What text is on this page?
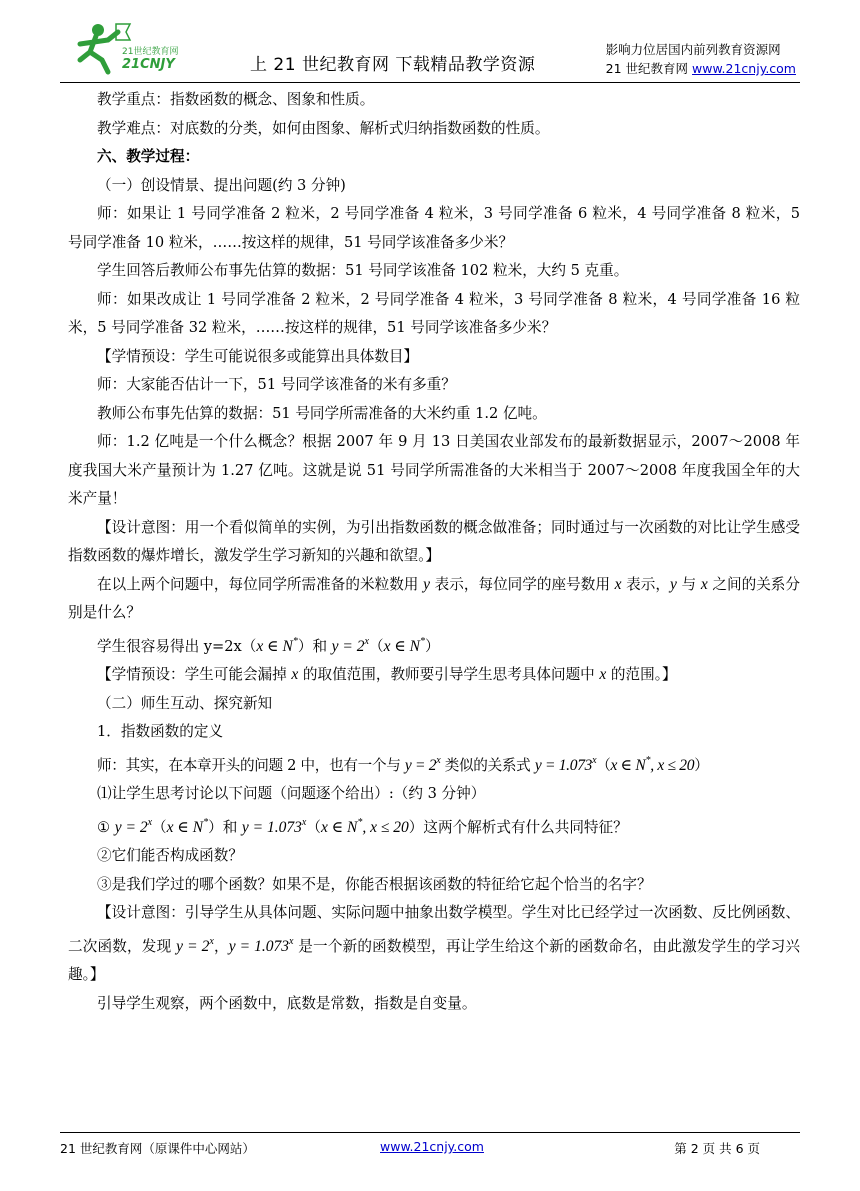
21世纪教育网
21CNJY	上 21 世纪教育网 下载精品教学资源
影响力位居国内前列教育资源网
21 世纪教育网 www.21cnjy.com

教学重点：指数函数的概念、图象和性质。

教学难点：对底数的分类，如何由图象、解析式归纳指数函数的性质。

六、教学过程：

（一）创设情景、提出问题(约 3 分钟)

师：如果让 1 号同学准备 2 粒米，2 号同学准备 4 粒米，3 号同学准备 6 粒米，4 号同学准备 8 粒米，5 号同学准备 10 粒米，……按这样的规律，51 号同学该准备多少米？

学生回答后教师公布事先估算的数据：51 号同学该准备 102 粒米，大约 5 克重。

师：如果改成让 1 号同学准备 2 粒米，2 号同学准备 4 粒米，3 号同学准备 8 粒米，4 号同学准备 16 粒米，5 号同学准备 32 粒米，……按这样的规律，51 号同学该准备多少米？

【学情预设：学生可能说很多或能算出具体数目】

师：大家能否估计一下，51 号同学该准备的米有多重？

教师公布事先估算的数据：51 号同学所需准备的大米约重 1.2 亿吨。

师：1.2 亿吨是一个什么概念？根据 2007 年 9 月 13 日美国农业部发布的最新数据显示，2007～2008 年度我国大米产量预计为 1.27 亿吨。这就是说 51 号同学所需准备的大米相当于 2007～2008 年度我国全年的大米产量！

【设计意图：用一个看似简单的实例，为引出指数函数的概念做准备；同时通过与一次函数的对比让学生感受指数函数的爆炸增长，激发学生学习新知的兴趣和欲望。】

在以上两个问题中，每位同学所需准备的米粒数用 y 表示，每位同学的座号数用 x 表示，y 与 x 之间的关系分别是什么？

学生很容易得出 y=2x（x ∈ N*）和 $y = 2^x(x$ ∈ N*）

【学情预设：学生可能会漏掉 x 的取值范围，教师要引导学生思考具体问题中 x 的范围。】

（二）师生互动、探究新知

1．指数函数的定义

师：其实，在本章开头的问题 2 中，也有一个与 $y = 2^x$ 类似的关系式 $y = 1.073^x(x$ ∈ N*, x ≤ 20）

⑴让学生思考讨论以下问题（问题逐个给出）:（约 3 分钟）

① $y = 2^x(x$ ∈ N*）和 $y = 1.073^x(x$ ∈ N*, x ≤ 20）这两个解析式有什么共同特征？

②它们能否构成函数？

③是我们学过的哪个函数？如果不是，你能否根据该函数的特征给它起个恰当的名字？

【设计意图：引导学生从具体问题、实际问题中抽象出数学模型。学生对比已经学过一次函数、反比例函数、二次函数，发现 $y = 2^x$，$y = 1.073^x$ 是一个新的函数模型，再让学生给这个新的函数命名，由此激发学生的学习兴趣。】

引导学生观察，两个函数中，底数是常数，指数是自变量。

21 世纪教育网（原课件中心网站）	www.21cnjy.com	第 2 页 共 6 页
